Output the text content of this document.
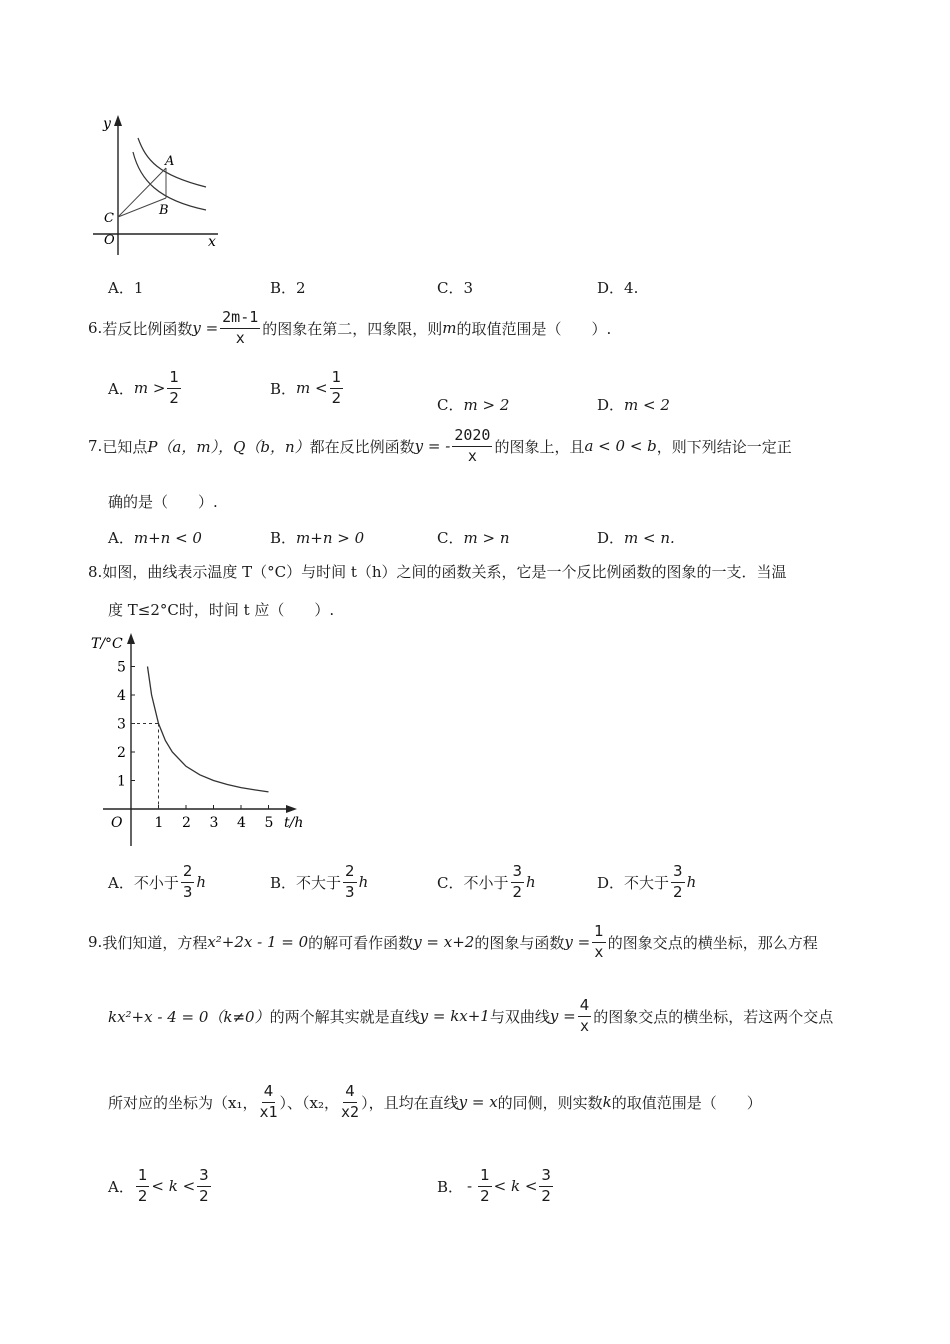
y
x
A
B
C
O
A．1	B．2	C．3	D．4.
6. 若反比例函数 $y = \frac{2m-1}{x}$ 的图象在第二，四象限，则 m 的取值范围是（　　）.
A． $m > \frac{1}{2}$	B． $m < \frac{1}{2}$	C．m > 2	D．m < 2
7. 已知点 P（a，m）， Q（b，n） 都在反比例函数 y = - $\frac{2020}{x}$ 的图象上，且 a < 0 < b ，则下列结论一定正
确的是（　　）.
A．m+n < 0	B．m+n > 0	C．m > n	D．m < n.
8.如图，曲线表示温度 T（°C）与时间 t（h）之间的函数关系，它是一个反比例函数的图象的一支．当温
度 T≤2°C时，时间 t 应（　　）.
T/°C
t/h
O 1 2 3 4 5
1
2
3
4
5
A． 不小于 $\frac{2}{3}$ h	B． 不大于 $\frac{2}{3}$ h	C． 不小于 $\frac{3}{2}$ h	D． 不大于 $\frac{3}{2}$ h
9. 我们知道，方程 x²+2x - 1 = 0 的解可看作函数 y = x+2 的图象与函数 $y = \frac{1}{x}$ 的图象交点的横坐标，那么方程
kx²+x - 4 = 0（k≠0） 的两个解其实就是直线 y = kx+1 与双曲线 $y = \frac{4}{x}$ 的图象交点的横坐标，若这两个交点
所对应的坐标为（x₁， $\frac{4}{x1}$ ）、（x₂， $\frac{4}{x2}$ ），且均在直线 y = x 的同侧，则实数 k 的取值范围是（　　）
A． $\frac{1}{2} < k < \frac{3}{2}$	B． - $\frac{1}{2} < k < \frac{3}{2}$
